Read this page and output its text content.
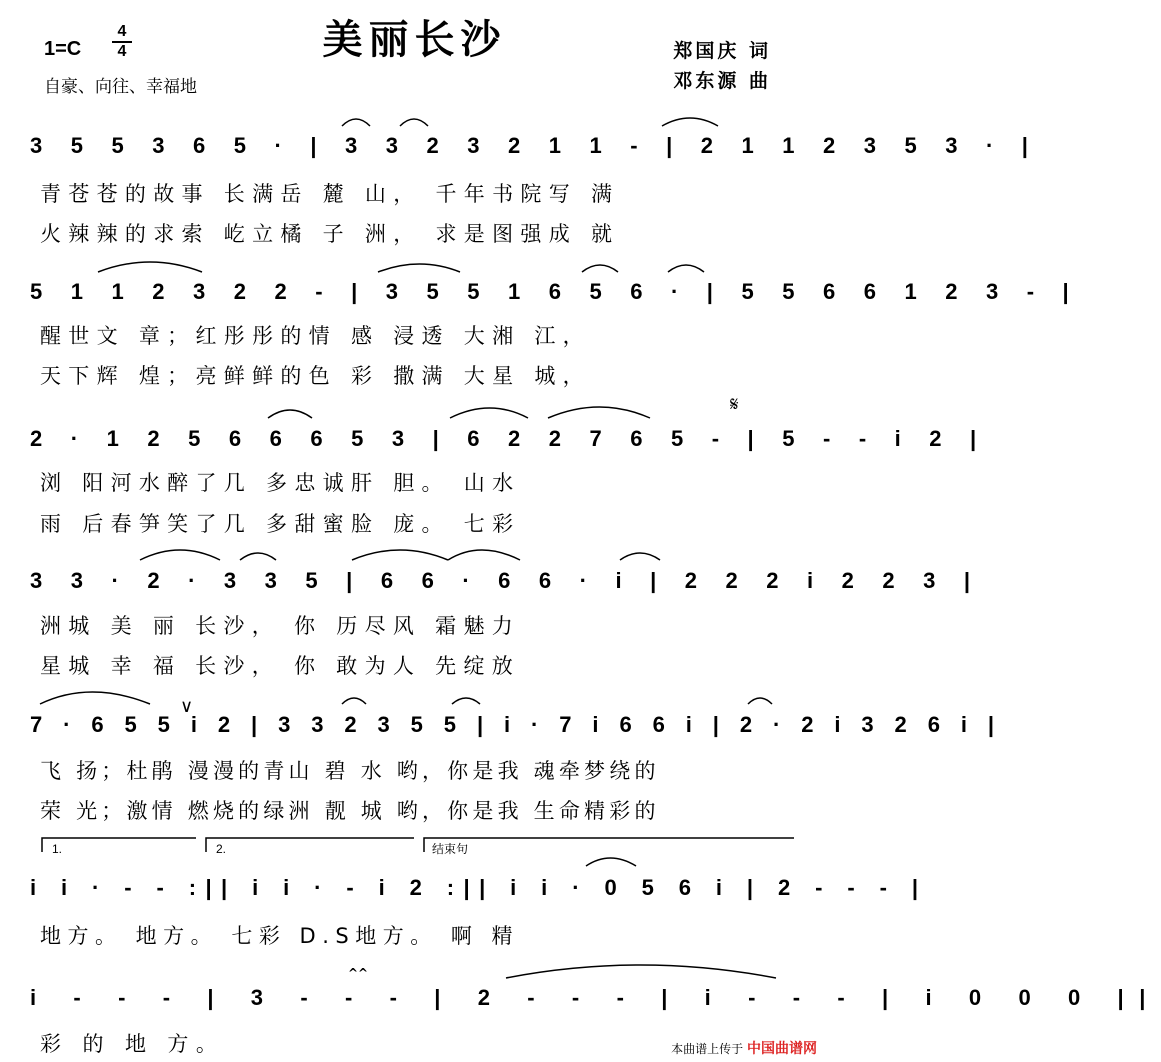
美丽长沙
1=C
4
4
自豪、向往、幸福地
郑国庆 词
邓东源 曲
3 5 5 3 6 5 · | 3 3 2 3 2 1 1 - | 2 1 1 2 3 5 3 · |
青苍苍的故事 长满岳 麓 山， 千年书院写 满
火辣辣的求索 屹立橘 子 洲， 求是图强成 就
5 1 1 2 3 2 2 - | 3 5 5 1 6 5 6 · | 5 5 6 6 1 2 3 - |
醒世文 章；红彤彤的情 感 浸透 大湘 江，
天下辉 煌；亮鲜鲜的色 彩 撒满 大星 城，
𝄋
2 · 1 2 5 6 6 6 5 3 | 6 2 2 7 6 5 - | 5 - - i 2 |
浏 阳河水醉了几 多忠诚肝 胆。 山水
雨 后春笋笑了几 多甜蜜脸 庞。 七彩
3 3 · 2 · 3 3 5 | 6 6 · 6 6 · i | 2 2 2 i 2 2 3 |
洲城 美 丽 长沙， 你 历尽风 霜魅力
星城 幸 福 长沙， 你 敢为人 先绽放
∨
7 · 6 5 5 i 2 | 3 3 2 3 5 5 | i · 7 i 6 6 i | 2 · 2 i 3 2 6 i |
飞 扬；杜鹃 漫漫的青山 碧 水 哟，你是我 魂牵梦绕的
荣 光；激情 燃烧的绿洲 靓 城 哟，你是我 生命精彩的
1.	2.	结束句
i i · - - :|| i i · - i 2 :|| i i · 0 5 6 i | 2 - - - |
地方。 地方。 七彩 D.S地方。 啊 精
^^
i - - - | 3 - - - | 2 - - - | i - - - | i 0 0 0 ||
彩 的 地 方。	本曲谱上传于 中国曲谱网
